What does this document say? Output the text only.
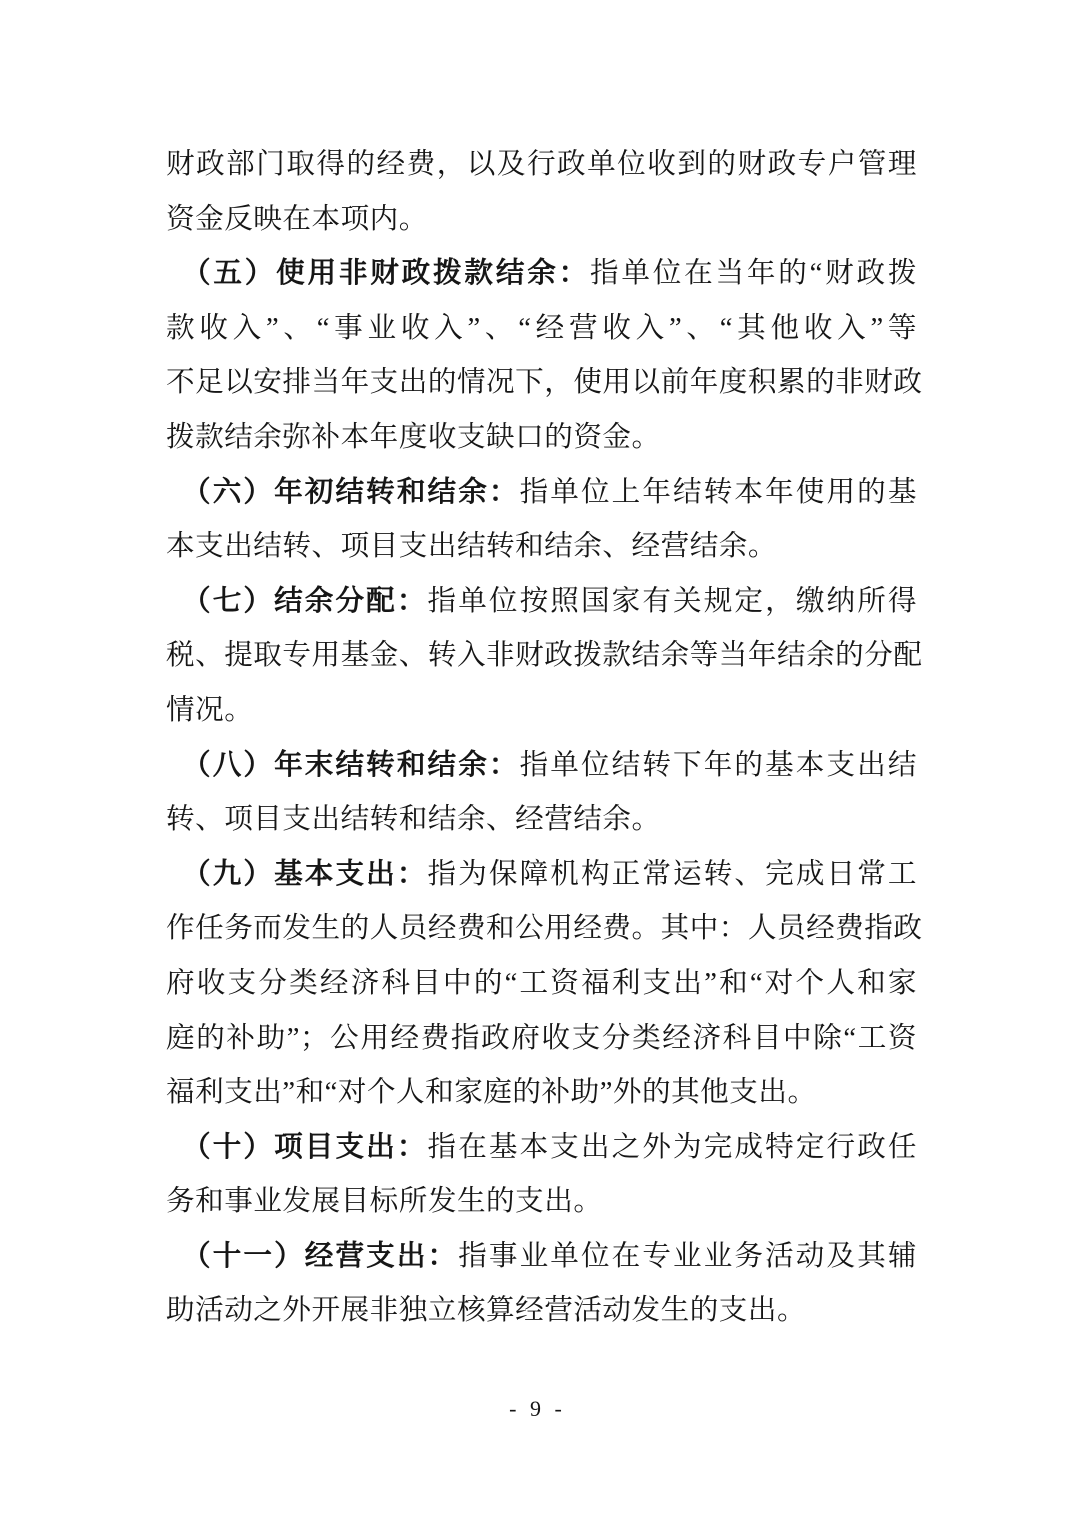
财政部门取得的经费，以及行政单位收到的财政专户管理
资金反映在本项内。
（五）使用非财政拨款结余：指单位在当年的“财政拨
款收入”、“事业收入”、“经营收入”、“其他收入”等
不足以安排当年支出的情况下，使用以前年度积累的非财政
拨款结余弥补本年度收支缺口的资金。
（六）年初结转和结余：指单位上年结转本年使用的基
本支出结转、项目支出结转和结余、经营结余。
（七）结余分配：指单位按照国家有关规定，缴纳所得
税、提取专用基金、转入非财政拨款结余等当年结余的分配
情况。
（八）年末结转和结余：指单位结转下年的基本支出结
转、项目支出结转和结余、经营结余。
（九）基本支出：指为保障机构正常运转、完成日常工
作任务而发生的人员经费和公用经费。其中：人员经费指政
府收支分类经济科目中的“工资福利支出”和“对个人和家
庭的补助”；公用经费指政府收支分类经济科目中除“工资
福利支出”和“对个人和家庭的补助”外的其他支出。
（十）项目支出：指在基本支出之外为完成特定行政任
务和事业发展目标所发生的支出。
（十一）经营支出：指事业单位在专业业务活动及其辅
助活动之外开展非独立核算经营活动发生的支出。
- 9 -
